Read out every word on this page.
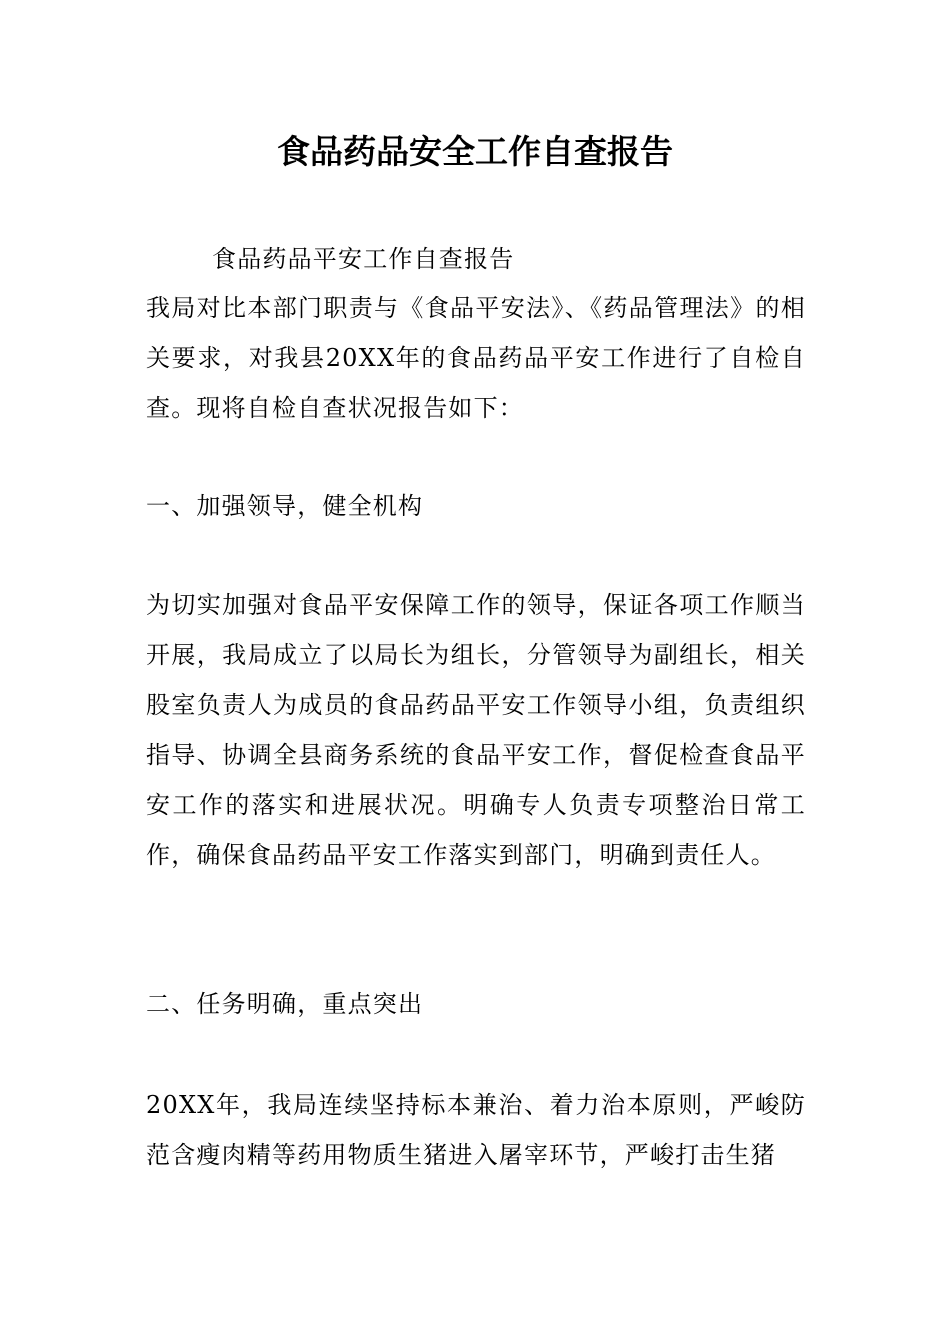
食品药品安全工作自查报告

食品药品平安工作自查报告

我局对比本部门职责与《食品平安法》、《药品管理法》的相关要求，对我县20XX年的食品药品平安工作进行了自检自查。现将自检自查状况报告如下：

一、加强领导，健全机构

为切实加强对食品平安保障工作的领导，保证各项工作顺当开展，我局成立了以局长为组长，分管领导为副组长，相关股室负责人为成员的食品药品平安工作领导小组，负责组织指导、协调全县商务系统的食品平安工作，督促检查食品平安工作的落实和进展状况。明确专人负责专项整治日常工作，确保食品药品平安工作落实到部门，明确到责任人。

二、任务明确，重点突出

20XX年，我局连续坚持标本兼治、着力治本原则，严峻防范含瘦肉精等药用物质生猪进入屠宰环节，严峻打击生猪
